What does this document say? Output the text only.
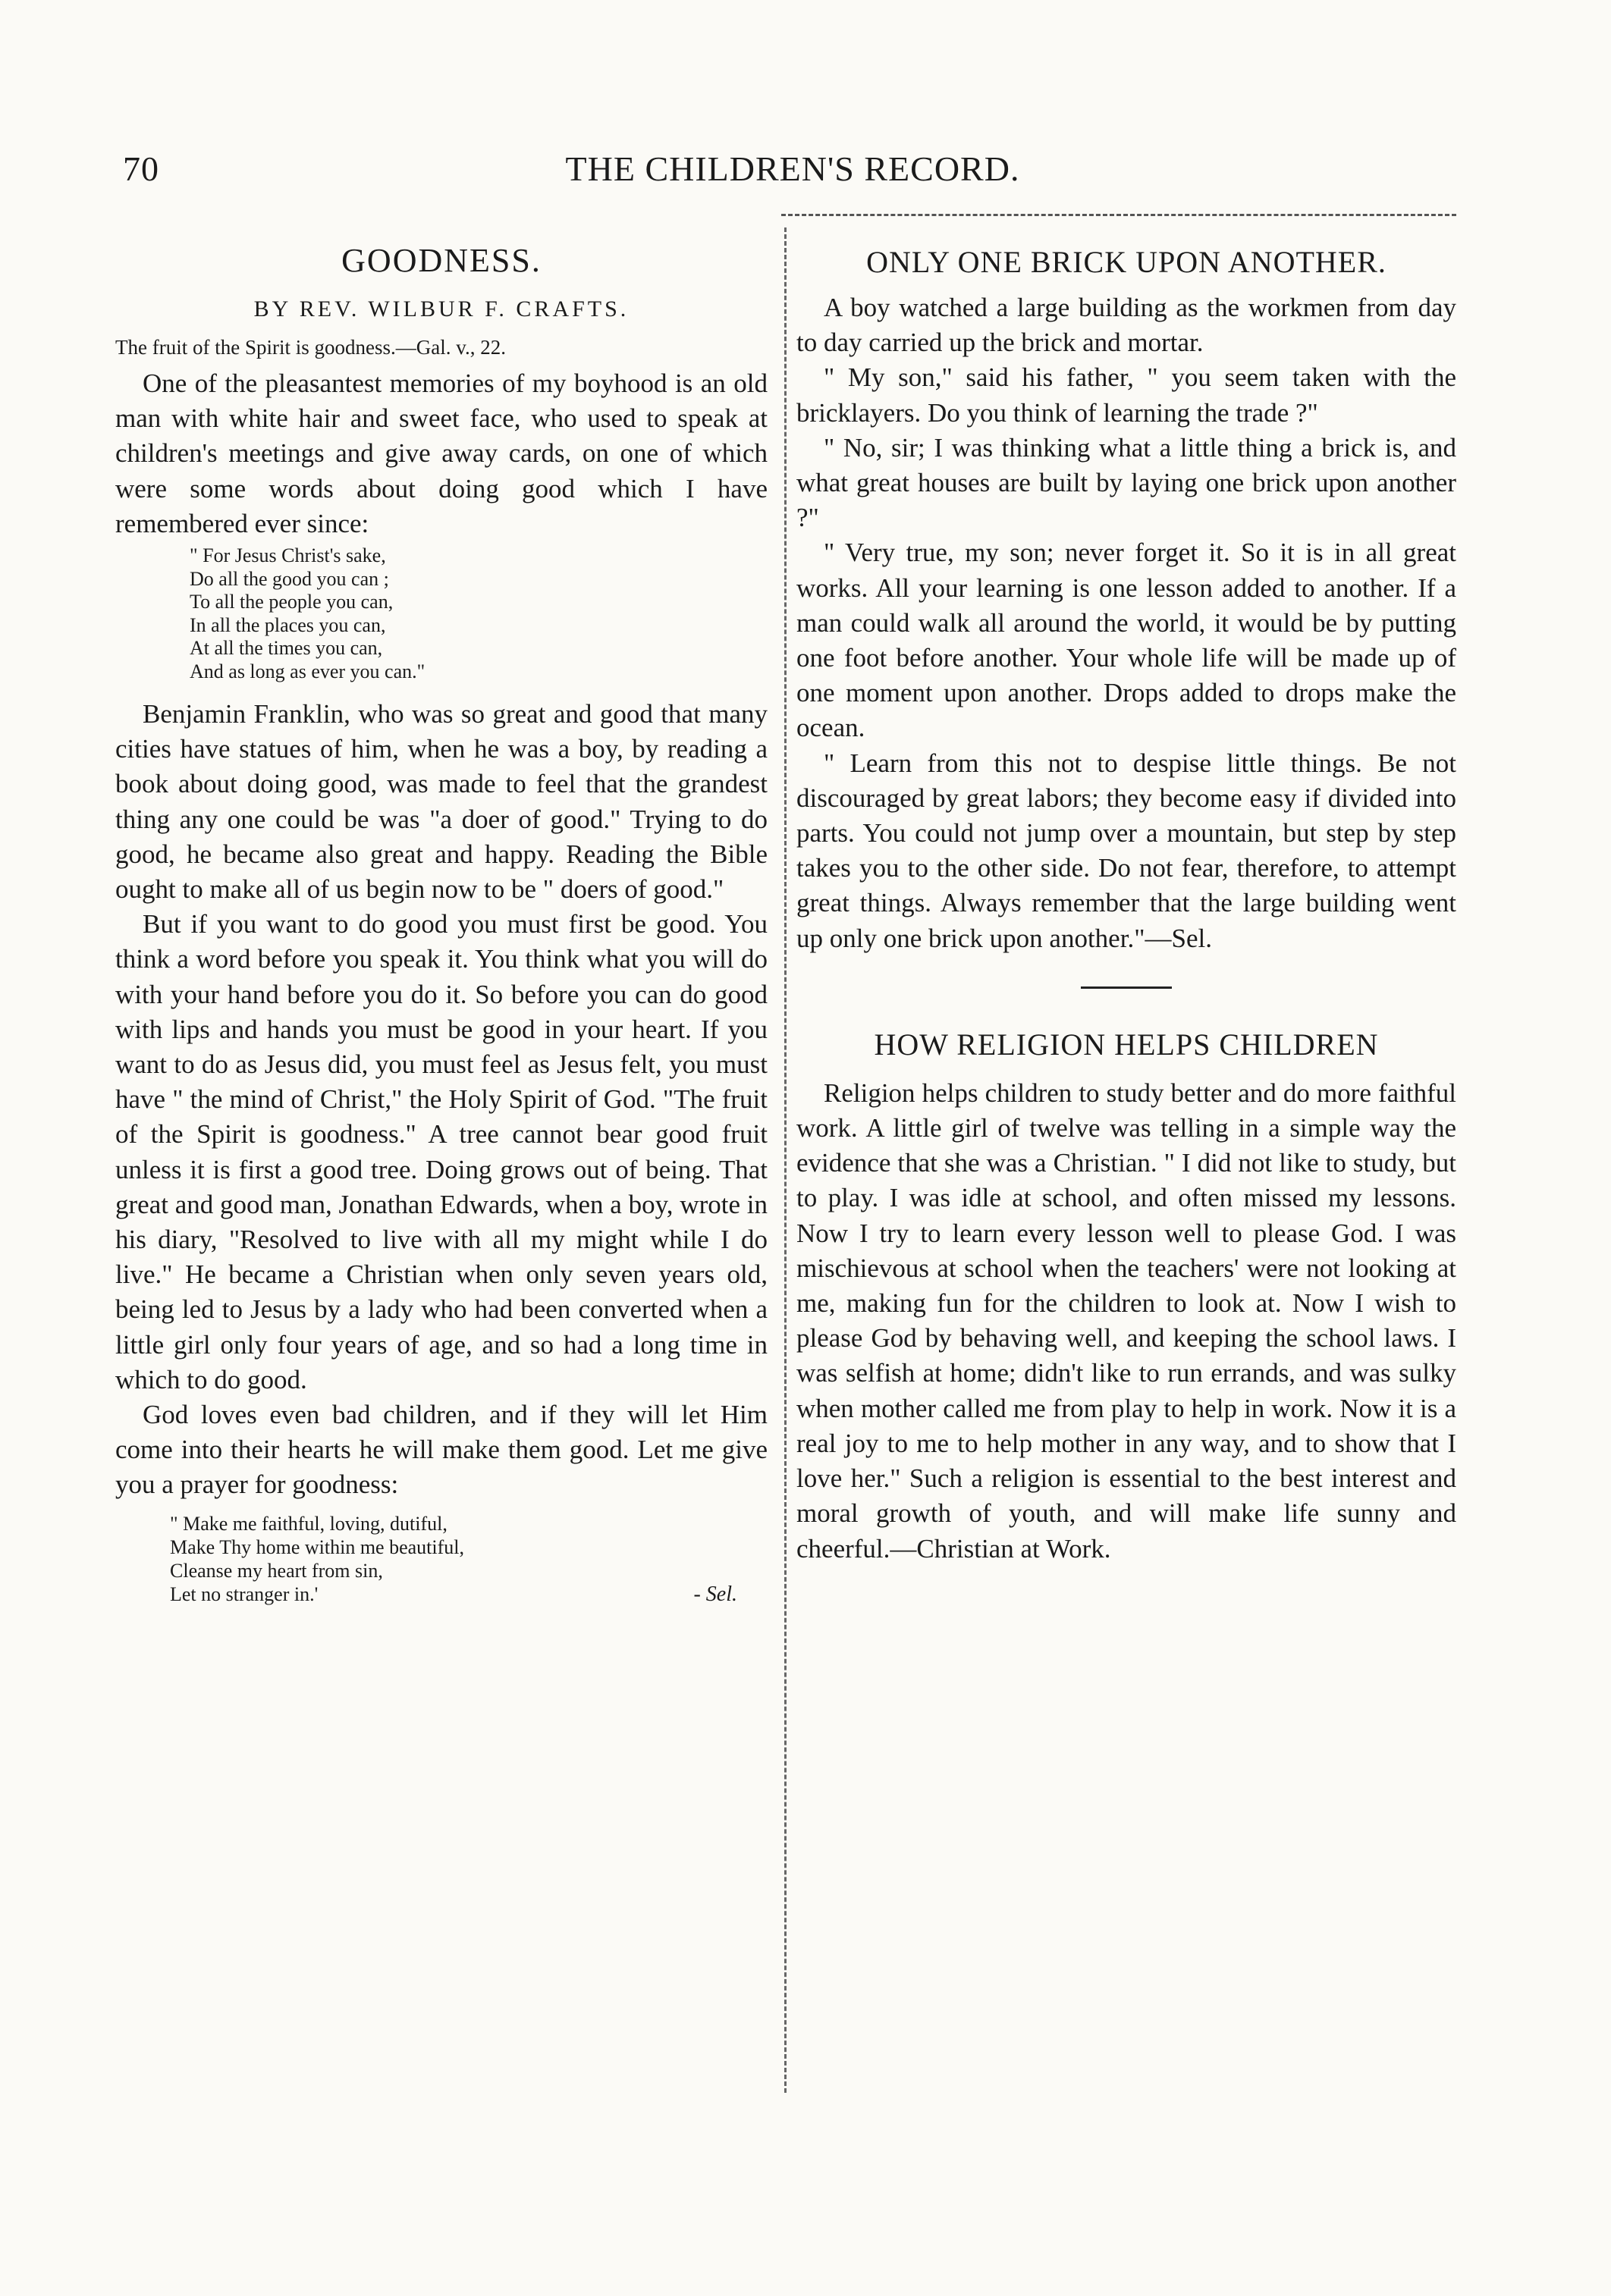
70	THE CHILDREN'S RECORD.
GOODNESS.
BY REV. WILBUR F. CRAFTS.
The fruit of the Spirit is goodness.—Gal. v., 22.

One of the pleasantest memories of my boyhood is an old man with white hair and sweet face, who used to speak at children's meetings and give away cards, on one of which were some words about doing good which I have remembered ever since:

" For Jesus Christ's sake,
Do all the good you can ;
To all the people you can,
In all the places you can,
At all the times you can,
And as long as ever you can."

Benjamin Franklin, who was so great and good that many cities have statues of him, when he was a boy, by reading a book about doing good, was made to feel that the grandest thing any one could be was "a doer of good." Trying to do good, he became also great and happy. Reading the Bible ought to make all of us begin now to be " doers of good."

But if you want to do good you must first be good. You think a word before you speak it. You think what you will do with your hand before you do it. So before you can do good with lips and hands you must be good in your heart. If you want to do as Jesus did, you must feel as Jesus felt, you must have " the mind of Christ," the Holy Spirit of God. "The fruit of the Spirit is goodness." A tree cannot bear good fruit unless it is first a good tree. Doing grows out of being. That great and good man, Jonathan Edwards, when a boy, wrote in his diary, "Resolved to live with all my might while I do live." He became a Christian when only seven years old, being led to Jesus by a lady who had been converted when a little girl only four years of age, and so had a long time in which to do good.

God loves even bad children, and if they will let Him come into their hearts he will make them good. Let me give you a prayer for goodness:

" Make me faithful, loving, dutiful,
Make Thy home within me beautiful,
Cleanse my heart from sin,
Let no stranger in.'	- Sel.
ONLY ONE BRICK UPON ANOTHER.

A boy watched a large building as the workmen from day to day carried up the brick and mortar.

" My son," said his father, " you seem taken with the bricklayers. Do you think of learning the trade ?"

" No, sir; I was thinking what a little thing a brick is, and what great houses are built by laying one brick upon another ?"

" Very true, my son; never forget it. So it is in all great works. All your learning is one lesson added to another. If a man could walk all around the world, it would be by putting one foot before another. Your whole life will be made up of one moment upon another. Drops added to drops make the ocean.

" Learn from this not to despise little things. Be not discouraged by great labors; they become easy if divided into parts. You could not jump over a mountain, but step by step takes you to the other side. Do not fear, therefore, to attempt great things. Always remember that the large building went up only one brick upon another."—Sel.

HOW RELIGION HELPS CHILDREN

Religion helps children to study better and do more faithful work. A little girl of twelve was telling in a simple way the evidence that she was a Christian. " I did not like to study, but to play. I was idle at school, and often missed my lessons. Now I try to learn every lesson well to please God. I was mischievous at school when the teachers' were not looking at me, making fun for the children to look at. Now I wish to please God by behaving well, and keeping the school laws. I was selfish at home; didn't like to run errands, and was sulky when mother called me from play to help in work. Now it is a real joy to me to help mother in any way, and to show that I love her." Such a religion is essential to the best interest and moral growth of youth, and will make life sunny and cheerful.—Christian at Work.
